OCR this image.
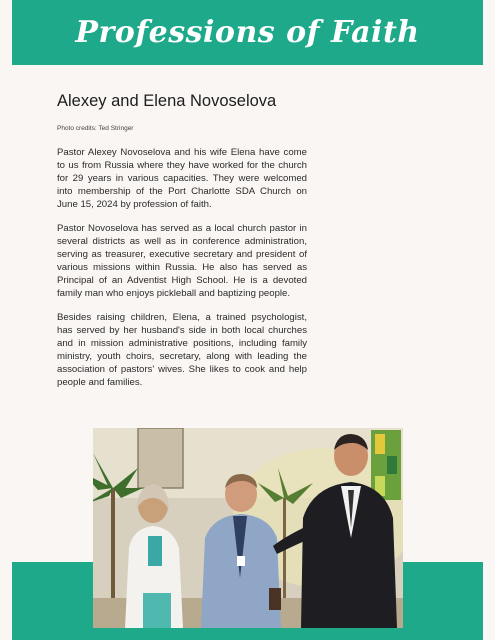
Professions of Faith
Alexey and Elena Novoselova
Photo credits: Ted Stringer

Pastor Alexey Novoselova and his wife Elena have come to us from Russia where they have worked for the church for 29 years in various capacities. They were welcomed into membership of the Port Charlotte SDA Church on June 15, 2024 by profession of faith.

Pastor Novoselova has served as a local church pastor in several districts as well as in conference administration, serving as treasurer, executive secretary and president of various missions within Russia. He also has served as Principal of an Adventist High School. He is a devoted family man who enjoys pickleball and baptizing people.

Besides raising children, Elena, a trained psychologist, has served by her husband's side in both local churches and in mission administrative positions, including family ministry, youth choirs, secretary, along with leading the association of pastors' wives. She likes to cook and help people and families.
